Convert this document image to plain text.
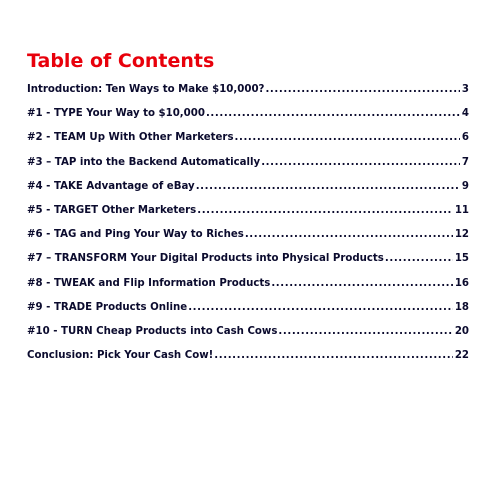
Table of Contents
Introduction: Ten Ways to Make $10,000? .....	3
#1 - TYPE Your Way to $10,000 .....	4
#2 - TEAM Up With Other Marketers .....	6
#3 – TAP into the Backend Automatically .....	7
#4 - TAKE Advantage of eBay .....	9
#5 - TARGET Other Marketers .....	11
#6 - TAG and Ping Your Way to Riches .....	12
#7 – TRANSFORM Your Digital Products into Physical Products .....	15
#8 - TWEAK and Flip Information Products .....	16
#9 - TRADE Products Online .....	18
#10 - TURN Cheap Products into Cash Cows .....	20
Conclusion: Pick Your Cash Cow! .....	22
